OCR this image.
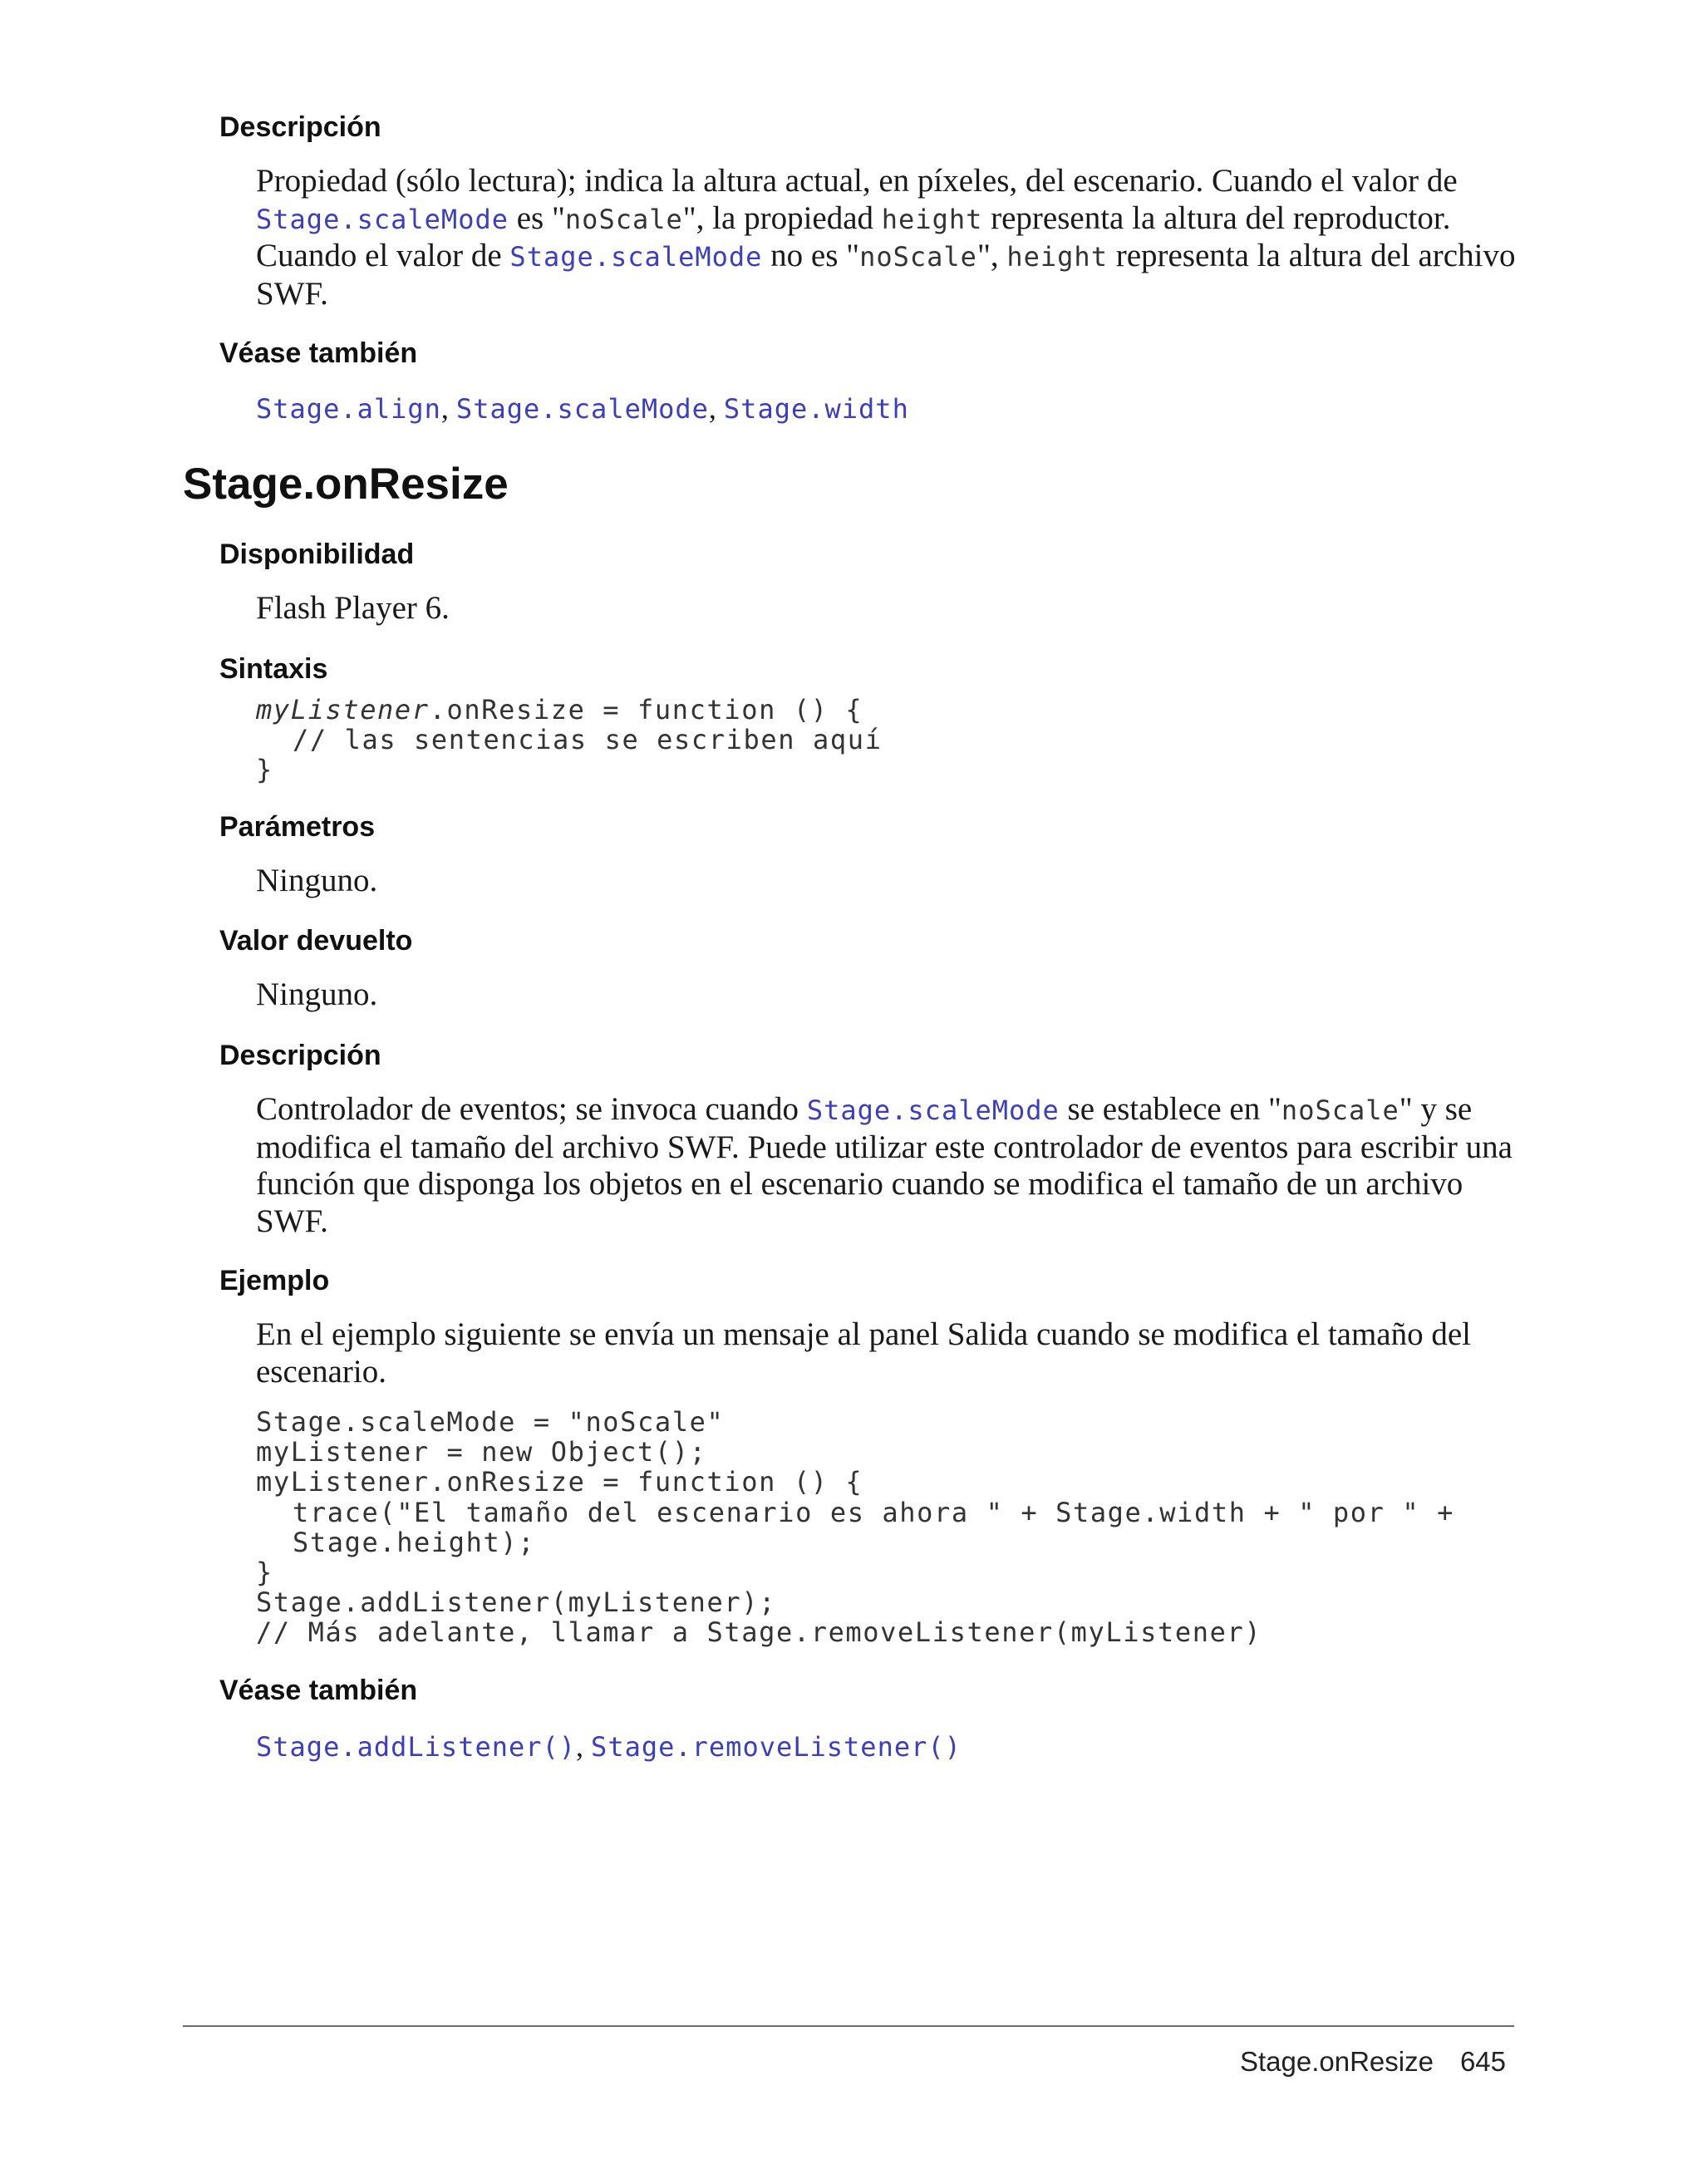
Descripción

Propiedad (sólo lectura); indica la altura actual, en píxeles, del escenario. Cuando el valor de Stage.scaleMode es "noScale", la propiedad height representa la altura del reproductor. Cuando el valor de Stage.scaleMode no es "noScale", height representa la altura del archivo SWF.

Véase también
Stage.align, Stage.scaleMode, Stage.width
Stage.onResize
Disponibilidad

Flash Player 6.

Sintaxis
myListener.onResize = function () {
// las sentencias se escriben aquí
}
Parámetros

Ninguno.

Valor devuelto

Ninguno.

Descripción

Controlador de eventos; se invoca cuando Stage.scaleMode se establece en "noScale" y se modifica el tamaño del archivo SWF. Puede utilizar este controlador de eventos para escribir una función que disponga los objetos en el escenario cuando se modifica el tamaño de un archivo SWF.

Ejemplo

En el ejemplo siguiente se envía un mensaje al panel Salida cuando se modifica el tamaño del escenario.

Stage.scaleMode = "noScale"
myListener = new Object();
myListener.onResize = function () {
trace("El tamaño del escenario es ahora " + Stage.width + " por " +
Stage.height);
}
Stage.addListener(myListener);
// Más adelante, llamar a Stage.removeListener(myListener)
Véase también
Stage.addListener(), Stage.removeListener()
Stage.onResize 645
